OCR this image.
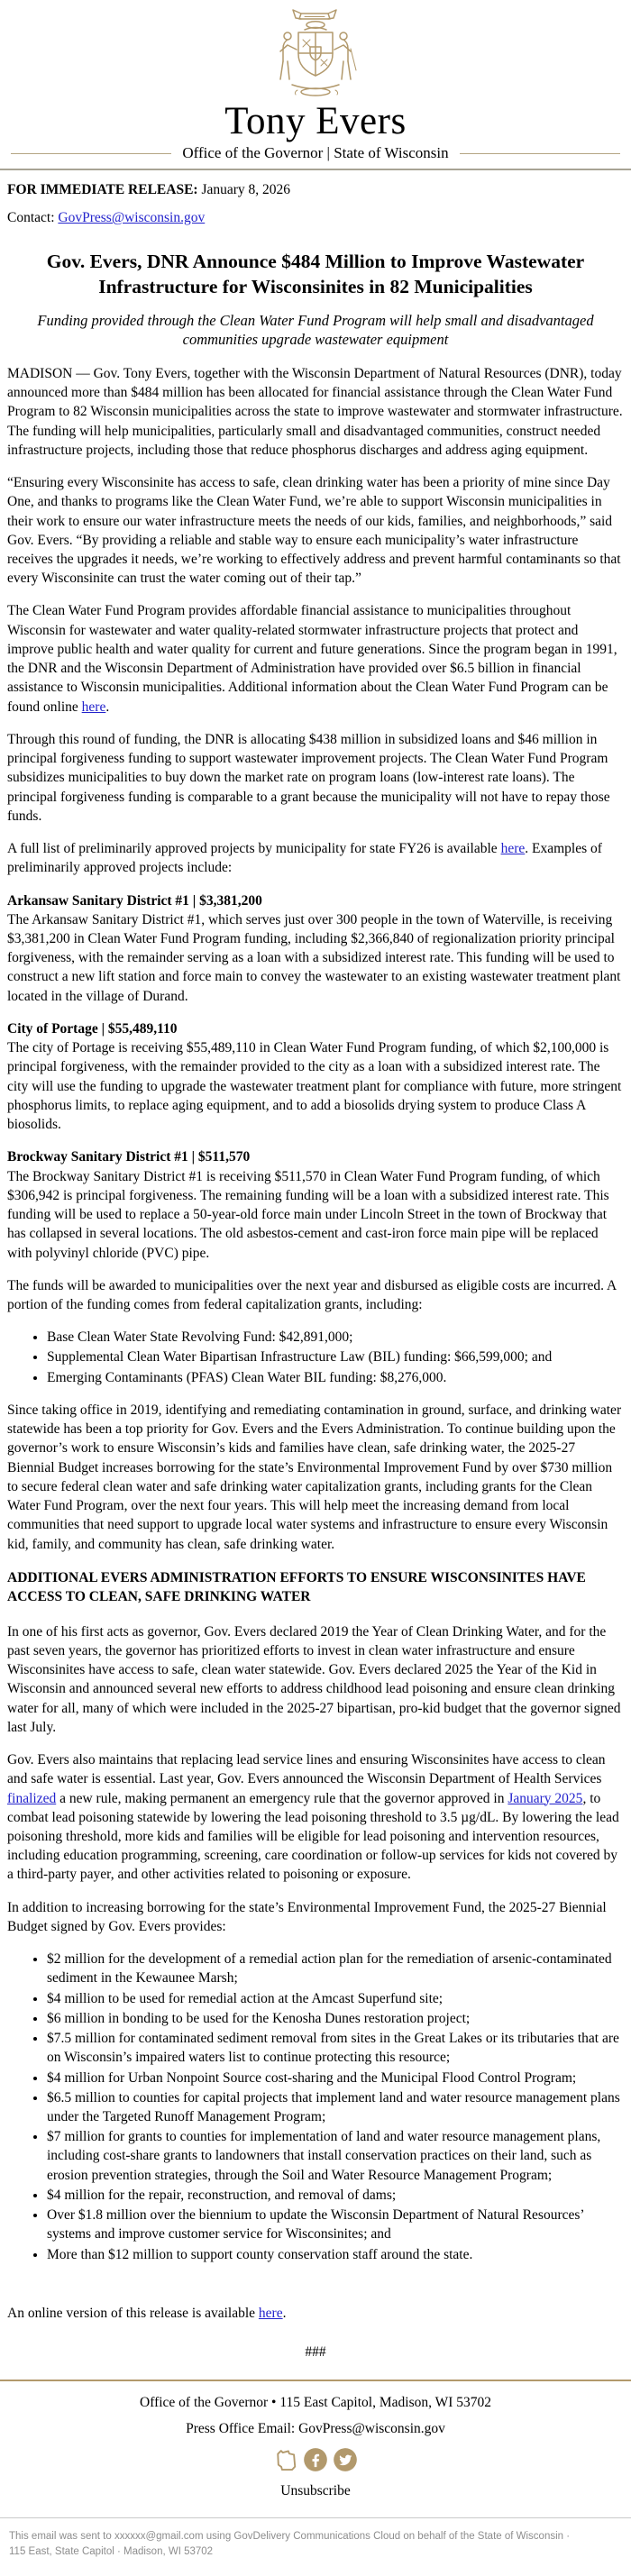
Tony Evers
Office of the Governor | State of Wisconsin
FOR IMMEDIATE RELEASE: January 8, 2026
Contact: GovPress@wisconsin.gov
Gov. Evers, DNR Announce $484 Million to Improve Wastewater Infrastructure for Wisconsinites in 82 Municipalities
Funding provided through the Clean Water Fund Program will help small and disadvantaged communities upgrade wastewater equipment

MADISON — Gov. Tony Evers, together with the Wisconsin Department of Natural Resources (DNR), today announced more than $484 million has been allocated for financial assistance through the Clean Water Fund Program to 82 Wisconsin municipalities across the state to improve wastewater and stormwater infrastructure. The funding will help municipalities, particularly small and disadvantaged communities, construct needed infrastructure projects, including those that reduce phosphorus discharges and address aging equipment.

“Ensuring every Wisconsinite has access to safe, clean drinking water has been a priority of mine since Day One, and thanks to programs like the Clean Water Fund, we’re able to support Wisconsin municipalities in their work to ensure our water infrastructure meets the needs of our kids, families, and neighborhoods,” said Gov. Evers. “By providing a reliable and stable way to ensure each municipality’s water infrastructure receives the upgrades it needs, we’re working to effectively address and prevent harmful contaminants so that every Wisconsinite can trust the water coming out of their tap.”

The Clean Water Fund Program provides affordable financial assistance to municipalities throughout Wisconsin for wastewater and water quality-related stormwater infrastructure projects that protect and improve public health and water quality for current and future generations. Since the program began in 1991, the DNR and the Wisconsin Department of Administration have provided over $6.5 billion in financial assistance to Wisconsin municipalities. Additional information about the Clean Water Fund Program can be found online here.

Through this round of funding, the DNR is allocating $438 million in subsidized loans and $46 million in principal forgiveness funding to support wastewater improvement projects. The Clean Water Fund Program subsidizes municipalities to buy down the market rate on program loans (low-interest rate loans). The principal forgiveness funding is comparable to a grant because the municipality will not have to repay those funds.

A full list of preliminarily approved projects by municipality for state FY26 is available here. Examples of preliminarily approved projects include:

Arkansaw Sanitary District #1 | $3,381,200
The Arkansaw Sanitary District #1, which serves just over 300 people in the town of Waterville, is receiving $3,381,200 in Clean Water Fund Program funding, including $2,366,840 of regionalization priority principal forgiveness, with the remainder serving as a loan with a subsidized interest rate. This funding will be used to construct a new lift station and force main to convey the wastewater to an existing wastewater treatment plant located in the village of Durand.
City of Portage | $55,489,110
The city of Portage is receiving $55,489,110 in Clean Water Fund Program funding, of which $2,100,000 is principal forgiveness, with the remainder provided to the city as a loan with a subsidized interest rate. The city will use the funding to upgrade the wastewater treatment plant for compliance with future, more stringent phosphorus limits, to replace aging equipment, and to add a biosolids drying system to produce Class A biosolids.
Brockway Sanitary District #1 | $511,570
The Brockway Sanitary District #1 is receiving $511,570 in Clean Water Fund Program funding, of which $306,942 is principal forgiveness. The remaining funding will be a loan with a subsidized interest rate. This funding will be used to replace a 50-year-old force main under Lincoln Street in the town of Brockway that has collapsed in several locations. The old asbestos-cement and cast-iron force main pipe will be replaced with polyvinyl chloride (PVC) pipe.

The funds will be awarded to municipalities over the next year and disbursed as eligible costs are incurred. A portion of the funding comes from federal capitalization grants, including:

• Base Clean Water State Revolving Fund: $42,891,000;
• Supplemental Clean Water Bipartisan Infrastructure Law (BIL) funding: $66,599,000; and
• Emerging Contaminants (PFAS) Clean Water BIL funding: $8,276,000.

Since taking office in 2019, identifying and remediating contamination in ground, surface, and drinking water statewide has been a top priority for Gov. Evers and the Evers Administration. To continue building upon the governor’s work to ensure Wisconsin’s kids and families have clean, safe drinking water, the 2025-27 Biennial Budget increases borrowing for the state’s Environmental Improvement Fund by over $730 million to secure federal clean water and safe drinking water capitalization grants, including grants for the Clean Water Fund Program, over the next four years. This will help meet the increasing demand from local communities that need support to upgrade local water systems and infrastructure to ensure every Wisconsin kid, family, and community has clean, safe drinking water.

ADDITIONAL EVERS ADMINISTRATION EFFORTS TO ENSURE WISCONSINITES HAVE ACCESS TO CLEAN, SAFE DRINKING WATER

In one of his first acts as governor, Gov. Evers declared 2019 the Year of Clean Drinking Water, and for the past seven years, the governor has prioritized efforts to invest in clean water infrastructure and ensure Wisconsinites have access to safe, clean water statewide. Gov. Evers declared 2025 the Year of the Kid in Wisconsin and announced several new efforts to address childhood lead poisoning and ensure clean drinking water for all, many of which were included in the 2025-27 bipartisan, pro-kid budget that the governor signed last July.

Gov. Evers also maintains that replacing lead service lines and ensuring Wisconsinites have access to clean and safe water is essential. Last year, Gov. Evers announced the Wisconsin Department of Health Services finalized a new rule, making permanent an emergency rule that the governor approved in January 2025, to combat lead poisoning statewide by lowering the lead poisoning threshold to 3.5 µg/dL. By lowering the lead poisoning threshold, more kids and families will be eligible for lead poisoning and intervention resources, including education programming, screening, care coordination or follow-up services for kids not covered by a third-party payer, and other activities related to poisoning or exposure.

In addition to increasing borrowing for the state’s Environmental Improvement Fund, the 2025-27 Biennial Budget signed by Gov. Evers provides:

• $2 million for the development of a remedial action plan for the remediation of arsenic-contaminated sediment in the Kewaunee Marsh;
• $4 million to be used for remedial action at the Amcast Superfund site;
• $6 million in bonding to be used for the Kenosha Dunes restoration project;
• $7.5 million for contaminated sediment removal from sites in the Great Lakes or its tributaries that are on Wisconsin’s impaired waters list to continue protecting this resource;
• $4 million for Urban Nonpoint Source cost-sharing and the Municipal Flood Control Program;
• $6.5 million to counties for capital projects that implement land and water resource management plans under the Targeted Runoff Management Program;
• $7 million for grants to counties for implementation of land and water resource management plans, including cost-share grants to landowners that install conservation practices on their land, such as erosion prevention strategies, through the Soil and Water Resource Management Program;
• $4 million for the repair, reconstruction, and removal of dams;
• Over $1.8 million over the biennium to update the Wisconsin Department of Natural Resources’ systems and improve customer service for Wisconsinites; and
• More than $12 million to support county conservation staff around the state.

An online version of this release is available here.

###
Office of the Governor • 115 East Capitol, Madison, WI 53702
Press Office Email: GovPress@wisconsin.gov
Unsubscribe
This email was sent to xxxxxx@gmail.com using GovDelivery Communications Cloud on behalf of the State of Wisconsin · 115 East, State Capitol · Madison, WI 53702
